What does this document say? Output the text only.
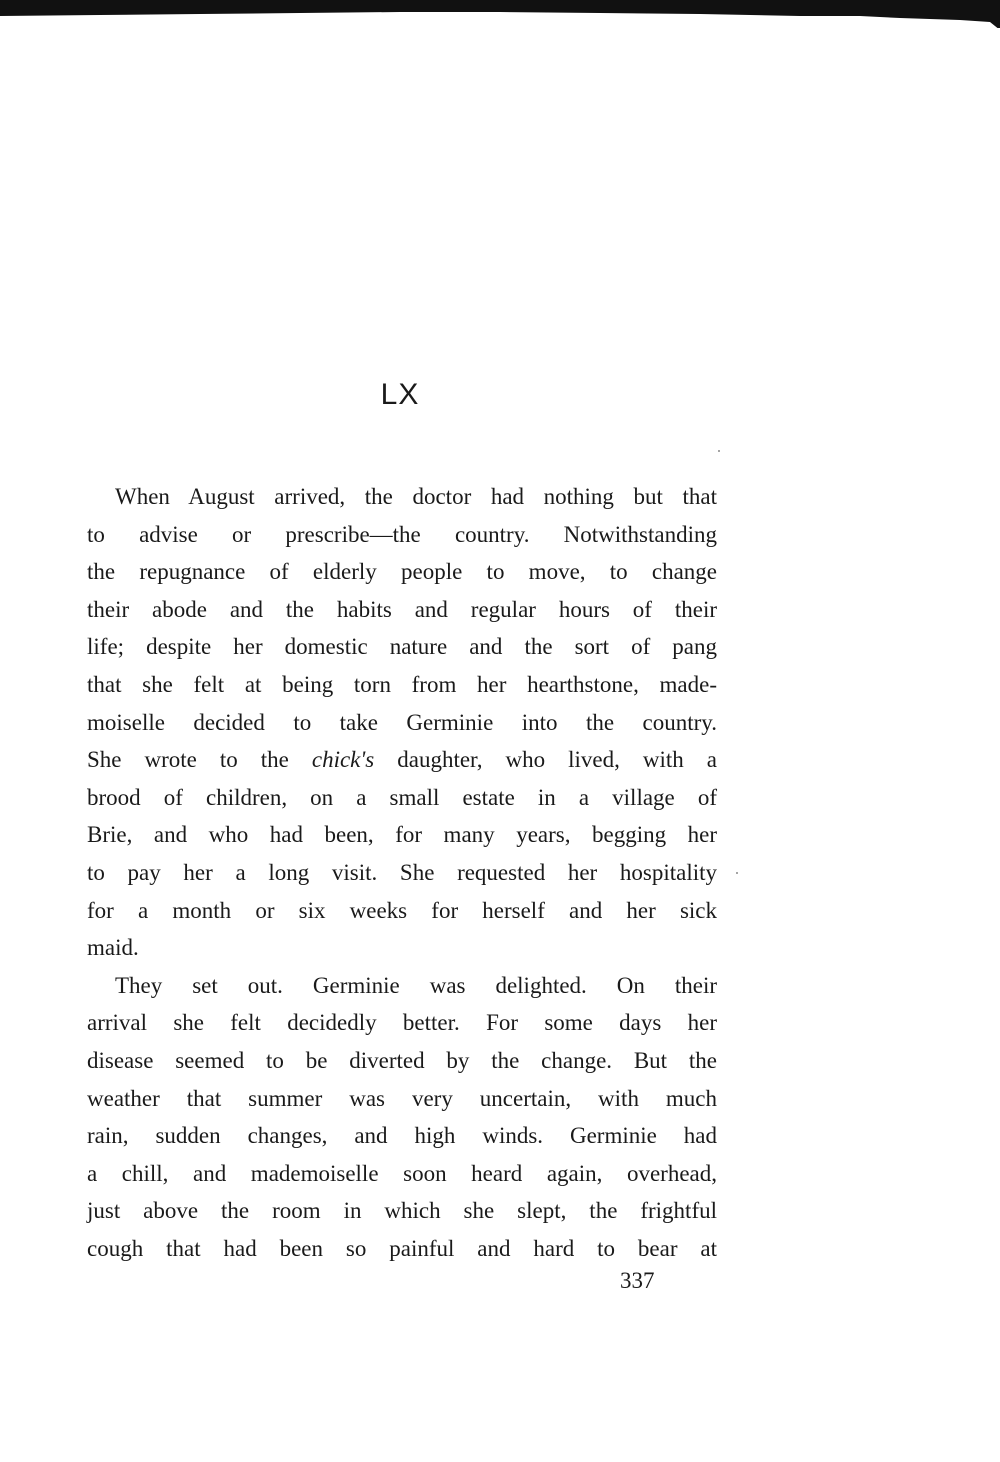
LX
When August arrived, the doctor had nothing but that
to advise or prescribe—the country. Notwithstanding
the repugnance of elderly people to move, to change
their abode and the habits and regular hours of their
life; despite her domestic nature and the sort of pang
that she felt at being torn from her hearthstone, made-
moiselle decided to take Germinie into the country.
She wrote to the chick's daughter, who lived, with a
brood of children, on a small estate in a village of
Brie, and who had been, for many years, begging her
to pay her a long visit. She requested her hospitality
for a month or six weeks for herself and her sick
maid.
They set out. Germinie was delighted. On their
arrival she felt decidedly better. For some days her
disease seemed to be diverted by the change. But the
weather that summer was very uncertain, with much
rain, sudden changes, and high winds. Germinie had
a chill, and mademoiselle soon heard again, overhead,
just above the room in which she slept, the frightful
cough that had been so painful and hard to bear at
337
